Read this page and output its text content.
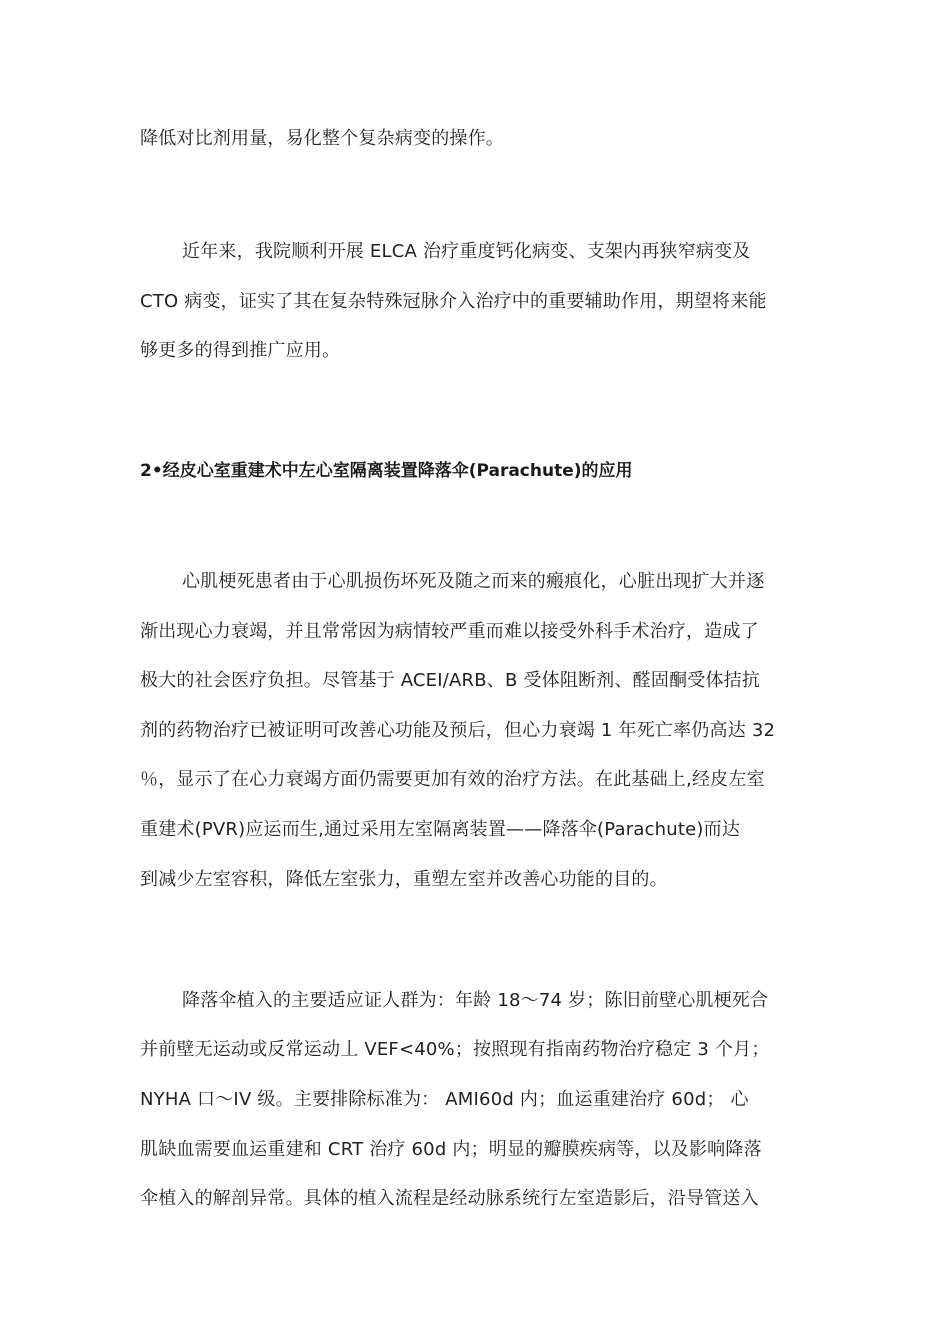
降低对比剂用量，易化整个复杂病变的操作。
近年来，我院顺利开展 ELCA 治疗重度钙化病变、支架内再狭窄病变及
CTO 病变，证实了其在复杂特殊冠脉介入治疗中的重要辅助作用，期望将来能
够更多的得到推广应用。
2•经皮心室重建术中左心室隔离装置降落伞(Parachute)的应用
心肌梗死患者由于心肌损伤坏死及随之而来的瘢痕化，心脏出现扩大并逐
渐出现心力衰竭，并且常常因为病情较严重而难以接受外科手术治疗，造成了
极大的社会医疗负担。尽管基于 ACEI/ARB、B 受体阻断剂、醛固酮受体拮抗
剂的药物治疗已被证明可改善心功能及预后，但心力衰竭 1 年死亡率仍高达 32
％，显示了在心力衰竭方面仍需要更加有效的治疗方法。在此基础上,经皮左室
重建术(PVR)应运而生,通过采用左室隔离装置——降落伞(Parachute)而达
到减少左室容积，降低左室张力，重塑左室并改善心功能的目的。
降落伞植入的主要适应证人群为：年龄 18〜74 岁；陈旧前壁心肌梗死合
并前壁无运动或反常运动丄 VEF<40%；按照现有指南药物治疗稳定 3 个月；
NYHA 口〜IV 级。主要排除标准为： AMI60d 内；血运重建治疗 60d； 心
肌缺血需要血运重建和 CRT 治疗 60d 内；明显的瓣膜疾病等，以及影响降落
伞植入的解剖异常。具体的植入流程是经动脉系统行左室造影后，沿导管送入
